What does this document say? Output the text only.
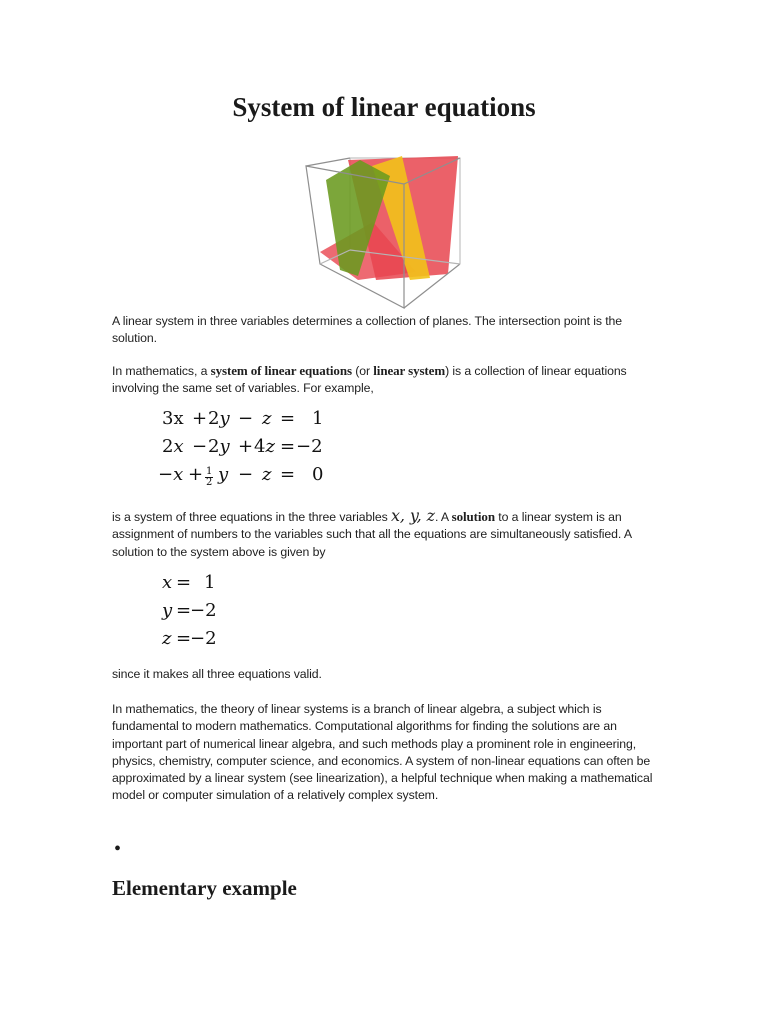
System of linear equations

A linear system in three variables determines a collection of planes. The intersection point is the solution.

In mathematics, a system of linear equations (or linear system) is a collection of linear equations involving the same set of variables. For example,

3x + 2y − z = 1
2x − 2y + 4z = −2
$-x + \frac{1}{2}$ y − z = 0

is a system of three equations in the three variables x, y, z. A solution to a linear system is an assignment of numbers to the variables such that all the equations are simultaneously satisfied. A solution to the system above is given by

x = 1
y =
−2
z =
−2

since it makes all three equations valid.

In mathematics, the theory of linear systems is a branch of linear algebra, a subject which is fundamental to modern mathematics. Computational algorithms for finding the solutions are an important part of numerical linear algebra, and such methods play a prominent role in engineering, physics, chemistry, computer science, and economics. A system of non-linear equations can often be approximated by a linear system (see linearization), a helpful technique when making a mathematical model or computer simulation of a relatively complex system.

•
Elementary example
